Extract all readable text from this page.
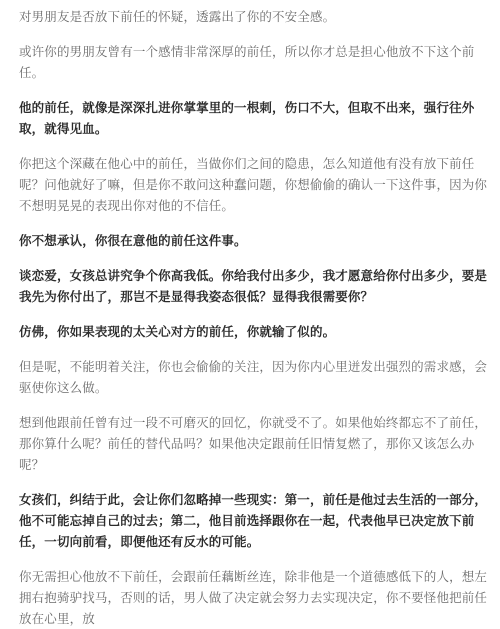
对男朋友是否放下前任的怀疑，透露出了你的不安全感。

或许你的男朋友曾有一个感情非常深厚的前任，所以你才总是担心他放不下这个前任。

他的前任，就像是深深扎进你掌掌里的一根刺，伤口不大，但取不出来，强行往外取，就得见血。

你把这个深藏在他心中的前任，当做你们之间的隐患，怎么知道他有没有放下前任呢？问他就好了嘛，但是你不敢问这种蠢问题，你想偷偷的确认一下这件事，因为你不想明晃晃的表现出你对他的不信任。

你不想承认，你很在意他的前任这件事。

谈恋爱，女孩总讲究争个你高我低。你给我付出多少，我才愿意给你付出多少，要是我先为你付出了，那岂不是显得我姿态很低？显得我很需要你？

仿佛，你如果表现的太关心对方的前任，你就输了似的。

但是呢，不能明着关注，你也会偷偷的关注，因为你内心里迸发出强烈的需求感，会驱使你这么做。

想到他跟前任曾有过一段不可磨灭的回忆，你就受不了。如果他始终都忘不了前任，那你算什么呢？前任的替代品吗？如果他决定跟前任旧情复燃了，那你又该怎么办呢？

女孩们，纠结于此，会让你们忽略掉一些现实：第一，前任是他过去生活的一部分，他不可能忘掉自己的过去；第二，他目前选择跟你在一起，代表他早已决定放下前任，一切向前看，即便他还有反水的可能。

你无需担心他放不下前任，会跟前任藕断丝连，除非他是一个道德感低下的人，想左拥右抱骑驴找马，否则的话，男人做了决定就会努力去实现决定，你不要怪他把前任放在心里，放
